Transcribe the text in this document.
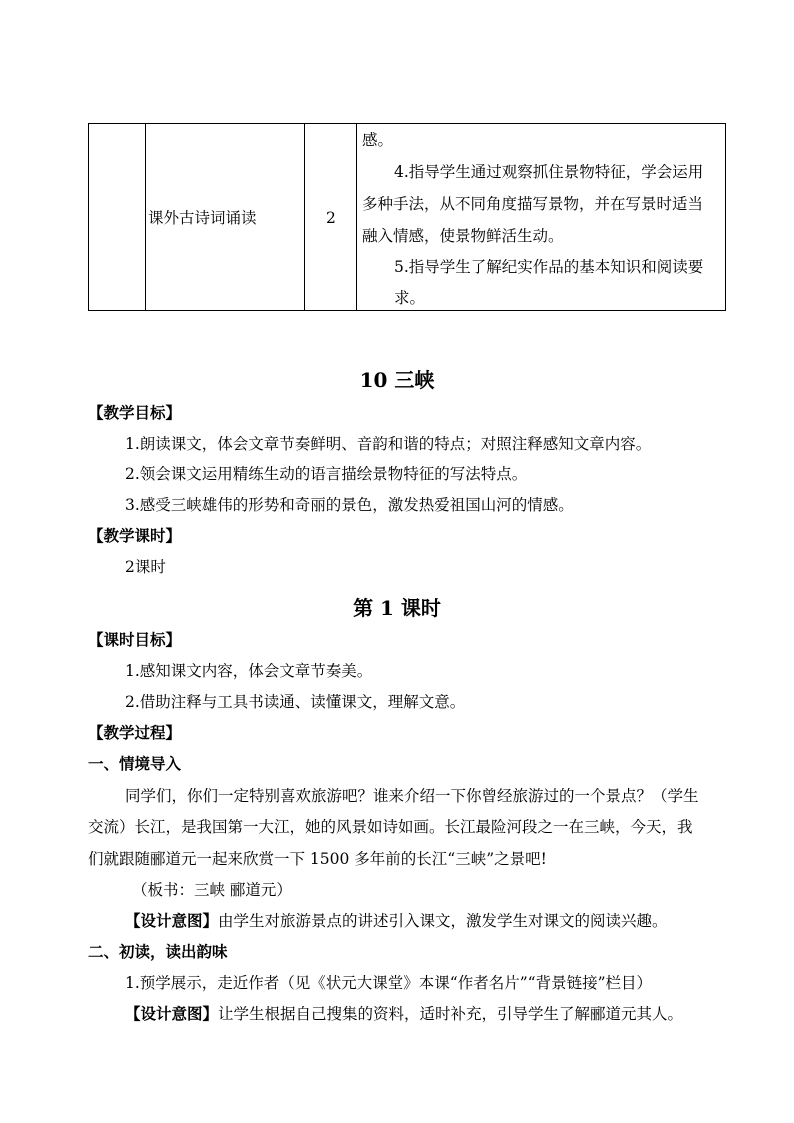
课外古诗词诵读	2

感。

4.指导学生通过观察抓住景物特征，学会运用

多种手法，从不同角度描写景物，并在写景时适当

融入情感，使景物鲜活生动。

5.指导学生了解纪实作品的基本知识和阅读要

求。

10 三峡

【教学目标】

1.朗读课文，体会文章节奏鲜明、音韵和谐的特点；对照注释感知文章内容。

2.领会课文运用精练生动的语言描绘景物特征的写法特点。

3.感受三峡雄伟的形势和奇丽的景色，激发热爱祖国山河的情感。

【教学课时】

2课时

第 1 课时

【课时目标】

1.感知课文内容，体会文章节奏美。

2.借助注释与工具书读通、读懂课文，理解文意。

【教学过程】

一、情境导入

同学们，你们一定特别喜欢旅游吧？谁来介绍一下你曾经旅游过的一个景点？（学生

交流）长江，是我国第一大江，她的风景如诗如画。长江最险河段之一在三峡，今天，我

们就跟随郦道元一起来欣赏一下 1500 多年前的长江“三峡”之景吧!

（板书：三峡 郦道元）

【设计意图】由学生对旅游景点的讲述引入课文，激发学生对课文的阅读兴趣。

二、初读，读出韵味

1.预学展示，走近作者（见《状元大课堂》本课“作者名片”“背景链接”栏目）

【设计意图】让学生根据自己搜集的资料，适时补充，引导学生了解郦道元其人。
